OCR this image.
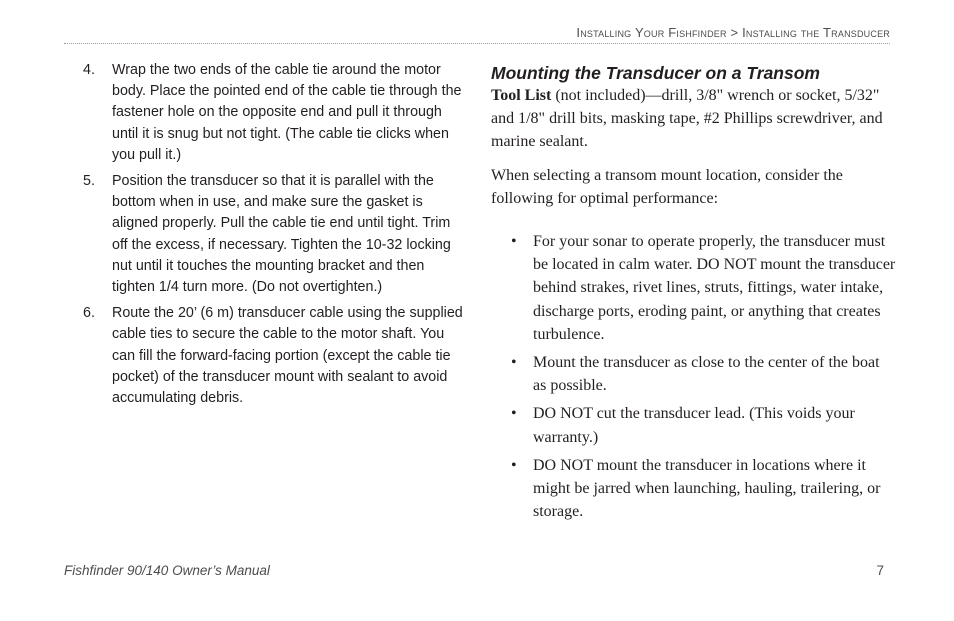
Installing Your Fishfinder > Installing the Transducer
4.	Wrap the two ends of the cable tie around the motor body. Place the pointed end of the cable tie through the fastener hole on the opposite end and pull it through until it is snug but not tight. (The cable tie clicks when you pull it.)
5.	Position the transducer so that it is parallel with the bottom when in use, and make sure the gasket is aligned properly. Pull the cable tie end until tight. Trim off the excess, if necessary. Tighten the 10-32 locking nut until it touches the mounting bracket and then tighten 1/4 turn more. (Do not overtighten.)
6.	Route the 20’ (6 m) transducer cable using the supplied cable ties to secure the cable to the motor shaft. You can fill the forward-facing portion (except the cable tie pocket) of the transducer mount with sealant to avoid accumulating debris.
Mounting the Transducer on a Transom

Tool List (not included)—drill, 3/8" wrench or socket, 5/32" and 1/8" drill bits, masking tape, #2 Phillips screwdriver, and marine sealant.

When selecting a transom mount location, consider the following for optimal performance:

•	For your sonar to operate properly, the transducer must be located in calm water. DO NOT mount the transducer behind strakes, rivet lines, struts, fittings, water intake, discharge ports, eroding paint, or anything that creates turbulence.
•	Mount the transducer as close to the center of the boat as possible.
•	DO NOT cut the transducer lead. (This voids your warranty.)
•	DO NOT mount the transducer in locations where it might be jarred when launching, hauling, trailering, or storage.
Fishfinder 90/140 Owner’s Manual	7
